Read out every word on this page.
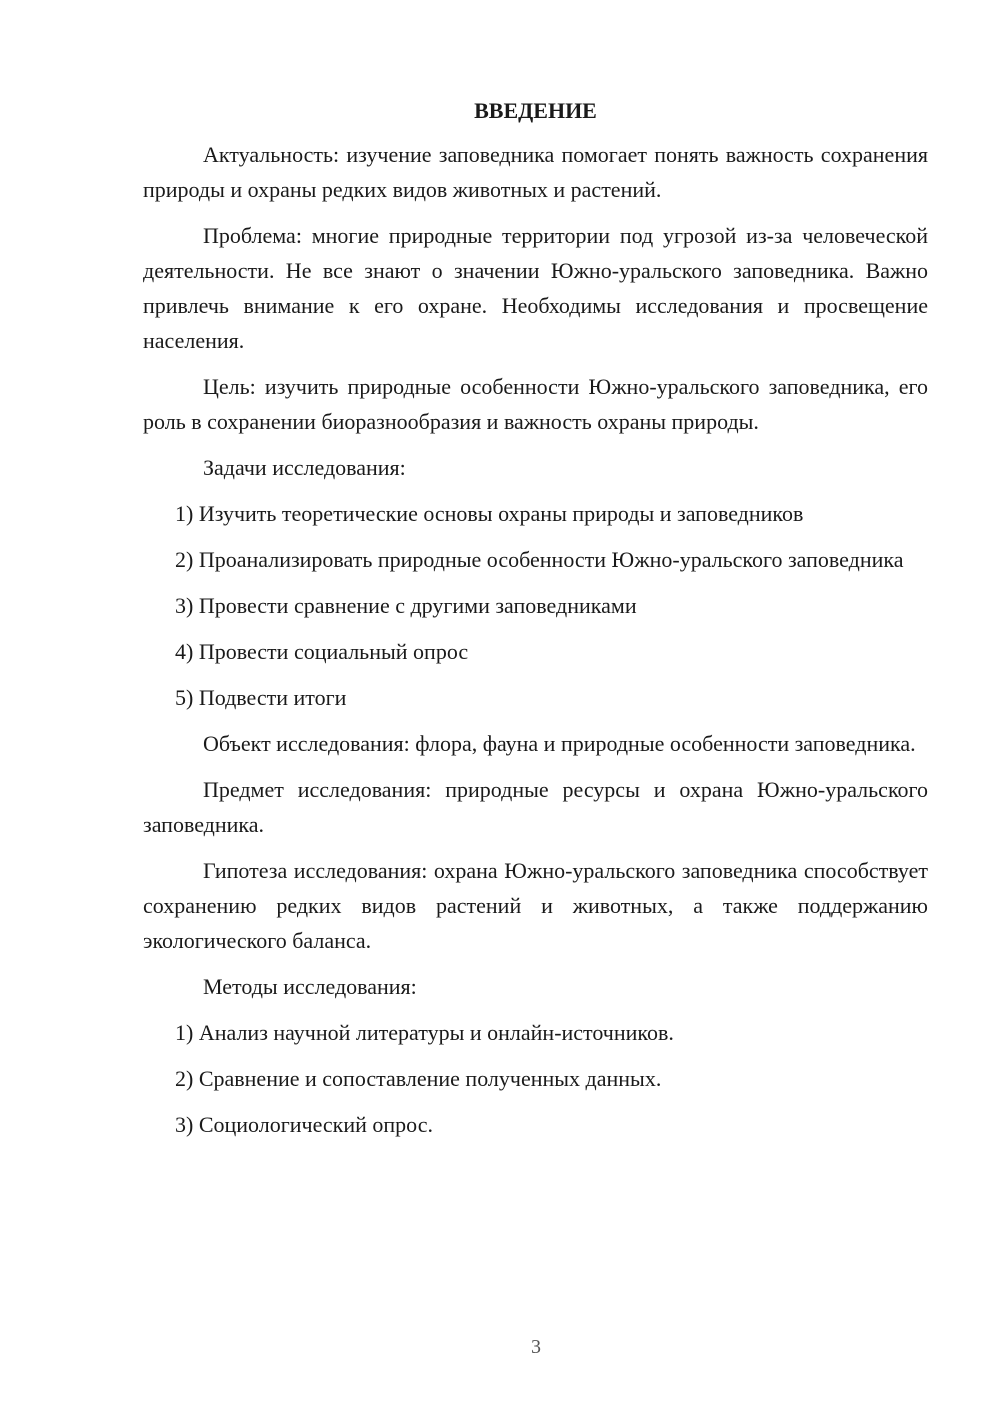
ВВЕДЕНИЕ

Актуальность: изучение заповедника помогает понять важность сохранения природы и охраны редких видов животных и растений.

Проблема: многие природные территории под угрозой из-за человеческой деятельности. Не все знают о значении Южно-уральского заповедника. Важно привлечь внимание к его охране. Необходимы исследования и просвещение населения.

Цель: изучить природные особенности Южно-уральского заповедника, его роль в сохранении биоразнообразия и важность охраны природы.

Задачи исследования:

1) Изучить теоретические основы охраны природы и заповедников

2) Проанализировать природные особенности Южно-уральского заповедника

3) Провести сравнение с другими заповедниками

4) Провести социальный опрос

5) Подвести итоги

Объект исследования: флора, фауна и природные особенности заповедника.

Предмет исследования: природные ресурсы и охрана Южно-уральского заповедника.

Гипотеза исследования: охрана Южно-уральского заповедника способствует сохранению редких видов растений и животных, а также поддержанию экологического баланса.

Методы исследования:

1) Анализ научной литературы и онлайн-источников.

2) Сравнение и сопоставление полученных данных.

3) Социологический опрос.

3
